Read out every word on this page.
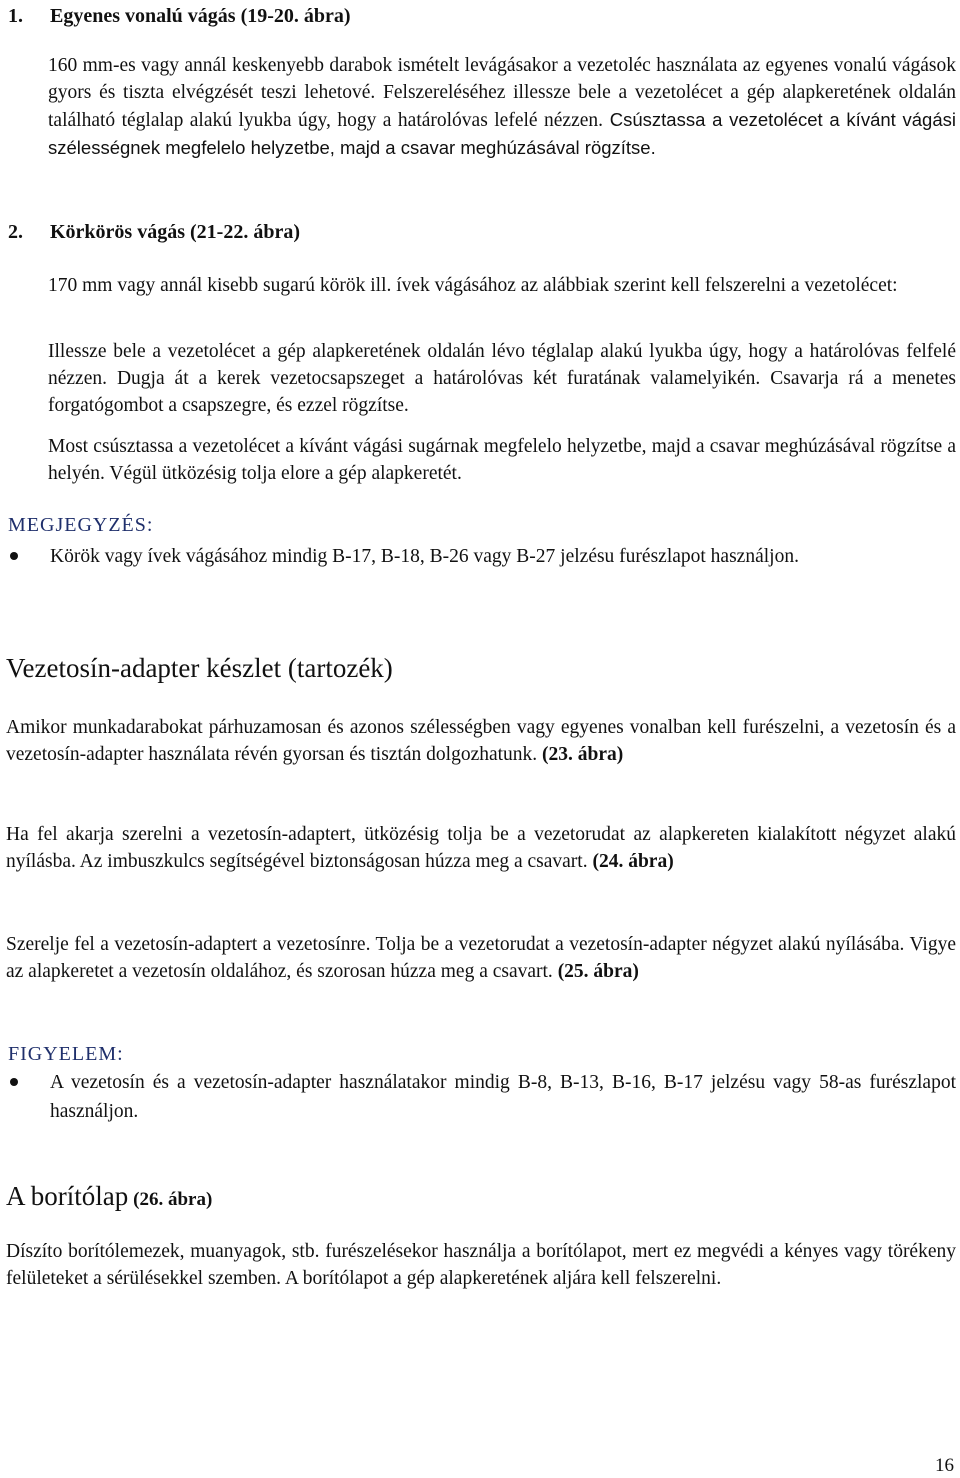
1. Egyenes vonalú vágás (19-20. ábra)

160 mm-es vagy annál keskenyebb darabok ismételt levágásakor a vezetoléc használata az egyenes vonalú vágások gyors és tiszta elvégzését teszi lehetové. Felszereléséhez illessze bele a vezetolécet a gép alapkeretének oldalán található téglalap alakú lyukba úgy, hogy a határolóvas lefelé nézzen. Csúsztassa a vezetolécet a kívánt vágási szélességnek megfelelo helyzetbe, majd a csavar meghúzásával rögzítse.

2. Körkörös vágás (21-22. ábra)

170 mm vagy annál kisebb sugarú körök ill. ívek vágásához az alábbiak szerint kell felszerelni a vezetolécet:

Illessze bele a vezetolécet a gép alapkeretének oldalán lévo téglalap alakú lyukba úgy, hogy a határolóvas felfelé nézzen. Dugja át a kerek vezetocsapszeget a határolóvas két furatának valamelyikén. Csavarja rá a menetes forgatógombot a csapszegre, és ezzel rögzítse.

Most csúsztassa a vezetolécet a kívánt vágási sugárnak megfelelo helyzetbe, majd a csavar meghúzásával rögzítse a helyén. Végül ütközésig tolja elore a gép alapkeretét.

MEGJEGYZÉS:

Körök vagy ívek vágásához mindig B-17, B-18, B-26 vagy B-27 jelzésu furészlapot használjon.

Vezetosín-adapter készlet (tartozék)

Amikor munkadarabokat párhuzamosan és azonos szélességben vagy egyenes vonalban kell furészelni, a vezetosín és a vezetosín-adapter használata révén gyorsan és tisztán dolgozhatunk. (23. ábra)

Ha fel akarja szerelni a vezetosín-adaptert, ütközésig tolja be a vezetorudat az alapkereten kialakított négyzet alakú nyílásba. Az imbuszkulcs segítségével biztonságosan húzza meg a csavart. (24. ábra)

Szerelje fel a vezetosín-adaptert a vezetosínre. Tolja be a vezetorudat a vezetosín-adapter négyzet alakú nyílásába. Vigye az alapkeretet a vezetosín oldalához, és szorosan húzza meg a csavart. (25. ábra)

FIGYELEM:

A vezetosín és a vezetosín-adapter használatakor mindig B-8, B-13, B-16, B-17 jelzésu vagy 58-as furészlapot használjon.

A borítólap (26. ábra)

Díszíto borítólemezek, muanyagok, stb. furészelésekor használja a borítólapot, mert ez megvédi a kényes vagy törékeny felületeket a sérülésekkel szemben. A borítólapot a gép alapkeretének aljára kell felszerelni.

16
